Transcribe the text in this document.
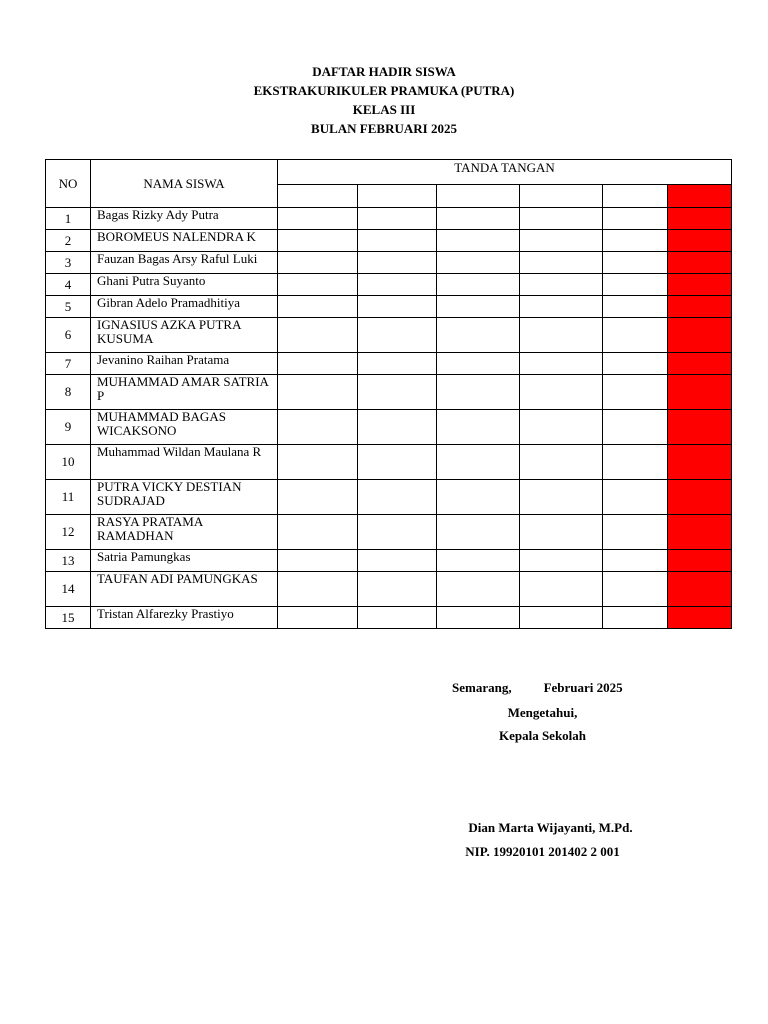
DAFTAR HADIR SISWA
EKSTRAKURIKULER PRAMUKA (PUTRA)
KELAS III
BULAN FEBRUARI 2025
NO	NAMA SISWA	TANDA TANGAN					

1	Bagas Rizky Ady Putra						
2	BOROMEUS NALENDRA K						
3	Fauzan Bagas Arsy Raful Luki						
4	Ghani Putra Suyanto						
5	Gibran Adelo Pramadhitiya						
6	IGNASIUS AZKA PUTRA KUSUMA						
7	Jevanino Raihan Pratama						
8	MUHAMMAD AMAR SATRIA P						
9	MUHAMMAD BAGAS WICAKSONO						
10	Muhammad Wildan Maulana R						
11	PUTRA VICKY DESTIAN SUDRAJAD						
12	RASYA PRATAMA RAMADHAN						
13	Satria Pamungkas						
14	TAUFAN ADI PAMUNGKAS						
15	Tristan Alfarezky Prastiyo						
Semarang, Februari 2025
Mengetahui,
Kepala Sekolah
Dian Marta Wijayanti, M.Pd.
NIP. 19920101 201402 2 001
